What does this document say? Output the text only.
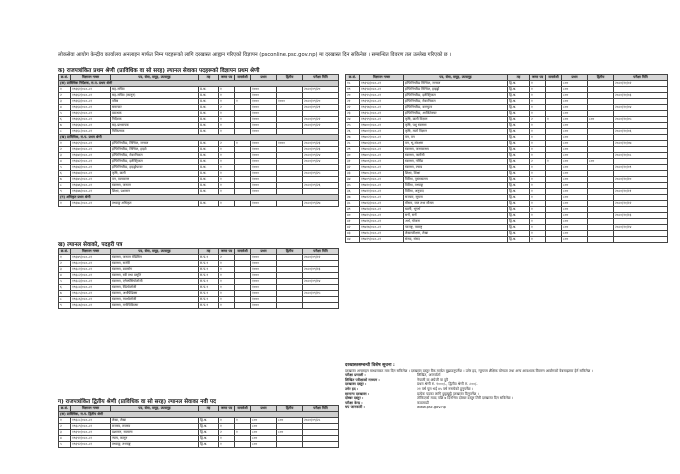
लोकसेवा आयोग केन्द्रीय कार्यालय अनलाइन मार्फत निम्न पदहरूको लागि दरखास्त आह्वान गरिएको विज्ञापन (psconline.psc.gov.np) मा दरखास्त दिन सकिनेछ । सम्बन्धित विवरण तल उल्लेख गरिएको छ ।
क) राजपत्रांकित प्रथम श्रेणी (प्राविधिक वा सो सरह) ल्यानल सेवाका पदहरूको विज्ञापन प्रथम श्रेणी
क्र.सं.	विज्ञापन नम्बर	पद, सेवा, समूह, उपसमूह	तह	जम्मा पद	समावेशी	प्रथम	द्वितीय	परीक्षा मिति
(क) प्राविधिक निर्देशक, रा.प. प्रथम श्रेणी								
१	१९६६१/०८०-८१	सह-सचिव	प्र.श्र.	१		१०००		२०८०/०९/२०
२	१९६६२/०८०-८१	सह-सचिव (कानून)	प्र.श्र.	१		१०००		
३	१९६६३/०८०-८१	वरिष्ठ	प्र.श्र.	१	१	१०००	१०००	२०८०/०९/२०
४	१९६६४/०८०-८१	समाचार	प्र.श्र.	२		१०००		२०८०/०९/२१
५	१९६६५/०८०-८१	प्रबन्धक	प्र.श्र.	१		१०००		
६	१९६६६/०८०-८१	निर्देशक	प्र.श्र.	१		१०००		२०८०/०९/२२
७	१९६६७/०८०-८१	सह-प्राध्यापक	प्र.श्र.	१		१०००		२०८०/०९/२२
८	१९६६८/०८०-८१	चिकित्सक	प्र.श्र.	१		१०००		
(ख) प्राविधिक, रा.प. प्रथम श्रेणी								
१	१९६६९/०८०-८१	इन्जिनियरिङ, सिभिल, जनरल	प्र.श्र.	२	१	१०००	१०००	२०८०/०९/२३
२	१९६७०/०८०-८१	इन्जिनियरिङ, सिभिल, हाइवे	प्र.श्र.	१		१०००		२०८०/०९/२३
३	१९६७१/०८०-८१	इन्जिनियरिङ, मेकानिकल	प्र.श्र.	१		१०००		२०८०/०९/२४
४	१९६७२/०८०-८१	इन्जिनियरिङ, इलेक्ट्रिकल	प्र.श्र.	१		१०००		२०८०/०९/२४
५	१९६७३/०८०-८१	इन्जिनियरिङ, हाइड्रोपावर	प्र.श्र.	१		१०००		
६	१९६७४/०८०-८१	कृषि, बाली	प्र.श्र.	१		१०००		२०८०/०९/२५
७	१९६७५/०८०-८१	वन, वातावरण	प्र.श्र.	१		१०००		
८	१९६७६/०८०-८१	स्वास्थ्य, जनरल	प्र.श्र.	१		१०००		२०८०/०९/२६
९	१९६७७/०८०-८१	शिक्षा, प्रशासन	प्र.श्र.	१		१०००		
(ग) अधिकृत प्रथम श्रेणी								
१	१९६७८/०८०-८१	तथ्याङ्क अधिकृत	प्र.श्र.	१		१०००		२०८०/०९/२७
ख) ल्यानल सेवाको, पदहरी पत्र
क्र.सं.	विज्ञापन नम्बर	पद, सेवा, समूह, उपसमूह	तह	जम्मा पद	समावेशी	प्रथम	द्वितीय	परीक्षा मिति
१	१९६७९/०८०-८१	स्वास्थ्य, जनरल मेडिसिन	रा.प.१	२		१०००		२०८०/०९/१२
२	१९६८०/०८०-८१	स्वास्थ्य, सर्जरी	रा.प.१	१		१०००		
३	१९६८१/०८०-८१	स्वास्थ्य, बालरोग	रा.प.१	१		१०००		२०८०/०९/१३
४	१९६८२/०८०-८१	स्वास्थ्य, स्त्री तथा प्रसूति	रा.प.१	१		१०००		
५	१९६८३/०८०-८१	स्वास्थ्य, एनेस्थेसियोलोजी	रा.प.१	१		१०००		२०८०/०९/१४
६	१९६८४/०८०-८१	स्वास्थ्य, रेडियोलोजी	रा.प.१	१		१०००		
७	१९६८५/०८०-८१	स्वास्थ्य, अर्थोपेडिक्स	रा.प.१	१		१०००		२०८०/०९/१५
८	१९६८६/०८०-८१	स्वास्थ्य, प्याथोलोजी	रा.प.१	१		१०००		
९	१९६८७/०८०-८१	स्वास्थ्य, मनोचिकित्सा	रा.प.१	१		१०००		
ग) राजपत्रांकित द्वितीय श्रेणी (प्राविधिक वा सो सरह) ल्यानल सेवाका नवी पद
क्र.सं.	विज्ञापन नम्बर	पद, सेवा, समूह, उपसमूह	तह	जम्मा पद	समावेशी	प्रथम	द्वितीय	परीक्षा मिति
(क) प्राविधिक, रा.प. द्वितीय श्रेणी								
१	१९६८८/०८०-८१	लेखा, लेखा	द्वि.श्र.	१	१	८००	८००	२०८०/०९/२८
२	१९६८९/०८०-८१	राजस्व, राजस्व	द्वि.श्र.	१		८००		
३	१९६९०/०८०-८१	प्रशासन, सामान्य	द्वि.श्र.	२	१	८००	८००	
४	१९६९१/०८०-८१	न्याय, कानून	द्वि.श्र.	१		८००		
५	१९६९२/०८०-८१	तथ्याङ्क, तथ्याङ्क	द्वि.श्र.	१		८००		
क्र.सं.	विज्ञापन नम्बर	पद, सेवा, समूह, उपसमूह	तह	जम्मा पद	समावेशी	प्रथम	द्वितीय	परीक्षा मिति
१८	१९६९३/०८०-८१	इन्जिनियरिङ सिभिल, जनरल	द्वि.श्र.	१		८००		२०८०/१०/०२
१९	१९६९४/०८०-८१	इन्जिनियरिङ सिभिल, हाइड्रो	द्वि.श्र.	१		८००		
२०	१९६९५/०८०-८१	इन्जिनियरिङ, इलेक्ट्रिकल	द्वि.श्र.	१		८००		२०८०/१०/०३
२१	१९६९६/०८०-८१	इन्जिनियरिङ, मेकानिकल	द्वि.श्र.	१		८००		
२२	१९६९७/०८०-८१	इन्जिनियरिङ, कम्प्युटर	द्वि.श्र.	१		८००		२०८०/१०/०४
२३	१९६९८/०८०-८१	इन्जिनियरिङ, आर्किटेक्चर	द्वि.श्र.	१		८००		
२४	१९६९९/०८०-८१	कृषि, बाली विज्ञान	द्वि.श्र.	२	१	८००	८००	२०८०/१०/०५
२५	१९७००/०८०-८१	कृषि, पशु स्वास्थ्य	द्वि.श्र.	१		८००		
२६	१९७०१/०८०-८१	कृषि, माटो विज्ञान	द्वि.श्र.	१		८००		२०८०/१०/०६
२७	१९७०२/०८०-८१	वन, वन	द्वि.श्र.	१		८००		
२८	१९७०३/०८०-८१	वन, भू-संरक्षण	द्वि.श्र.	१		८००		२०८०/१०/०७
२९	१९७०४/०८०-८१	स्वास्थ्य, जनस्वास्थ्य	द्वि.श्र.	१		८००		
३०	१९७०५/०८०-८१	स्वास्थ्य, फार्मेसी	द्वि.श्र.	१		८००		२०८०/१०/०८
३१	१९७०६/०८०-८१	स्वास्थ्य, नर्सिङ	द्वि.श्र.	२	१	८००	८००	
३२	१९७०७/०८०-८१	स्वास्थ्य, ल्याब	द्वि.श्र.	१		८००		२०८०/१०/०९
३३	१९७०८/०८०-८१	शिक्षा, शिक्षा	द्वि.श्र.	१		८००		
३४	१९७०९/०८०-८१	विविध, पुस्तकालय	द्वि.श्र.	१		८००		२०८०/१०/१०
३५	१९७१०/०८०-८१	विविध, तथ्याङ्क	द्वि.श्र.	१		८००		
३६	१९७११/०८०-८१	विविध, अनुवाद	द्वि.श्र.	१		८००		२०८०/१०/११
३७	१९७१२/०८०-८१	सञ्चार, सूचना	द्वि.श्र.	१		८००		
३८	१९७१३/०८०-८१	मौसम, जल तथा मौसम	द्वि.श्र.	१		८००		२०८०/१०/१२
३९	१९७१४/०८०-८१	खानी, भूगर्भ	द्वि.श्र.	१		८००		
४०	१९७१५/०८०-८१	सर्भे, सर्भे	द्वि.श्र.	१		८००		२०८०/१०/१३
४१	१९७१६/०८०-८१	अर्थ, योजना	द्वि.श्र.	१		८००		
४२	१९७१७/०८०-८१	परराष्ट्र, परराष्ट्र	द्वि.श्र.	१		८००		२०८०/१०/१४
४३	१९७१८/०८०-८१	लेखापरीक्षण, लेखा	द्वि.श्र.	१		८००		
४४	१९७१९/०८०-८१	संसद, संसद	द्वि.श्र.	१		८००		
दरखास्तसम्बन्धी विशेष सूचना :
दरखास्त अनलाइन माध्यमबाट मात्र दिन सकिनेछ । दरखास्त दस्तुर बैंक मार्फत बुझाउनुपर्नेछ । उमेर हद, न्यूनतम शैक्षिक योग्यता तथा अन्य आवश्यक विवरण आयोगको वेबसाइटमा हेर्न सकिनेछ ।
परीक्षा प्रणाली :	लिखित, अन्तर्वार्ता
लिखित परीक्षाको माध्यम :	नेपाली वा अंग्रेजी वा दुवै
दरखास्त दस्तुर :	प्रथम श्रेणी रु. १०००/-, द्वितीय श्रेणी रु. ८००/-
उमेर हद :	२१ वर्ष पूरा भई ४५ वर्ष ननाघेको हुनुपर्नेछ ।
सामान्य दरखास्त :	प्रत्येक पदका लागि छुट्टाछुट्टै दरखास्त दिनुपर्नेछ ।
दोब्बर दस्तुर :	तोकिएको म्याद पछि ७ दिनभित्र दोब्बर दस्तुर तिरी दरखास्त दिन सकिनेछ ।
परीक्षा केन्द्र :	काठमाडौं
थप जानकारी :	www.psc.gov.np
